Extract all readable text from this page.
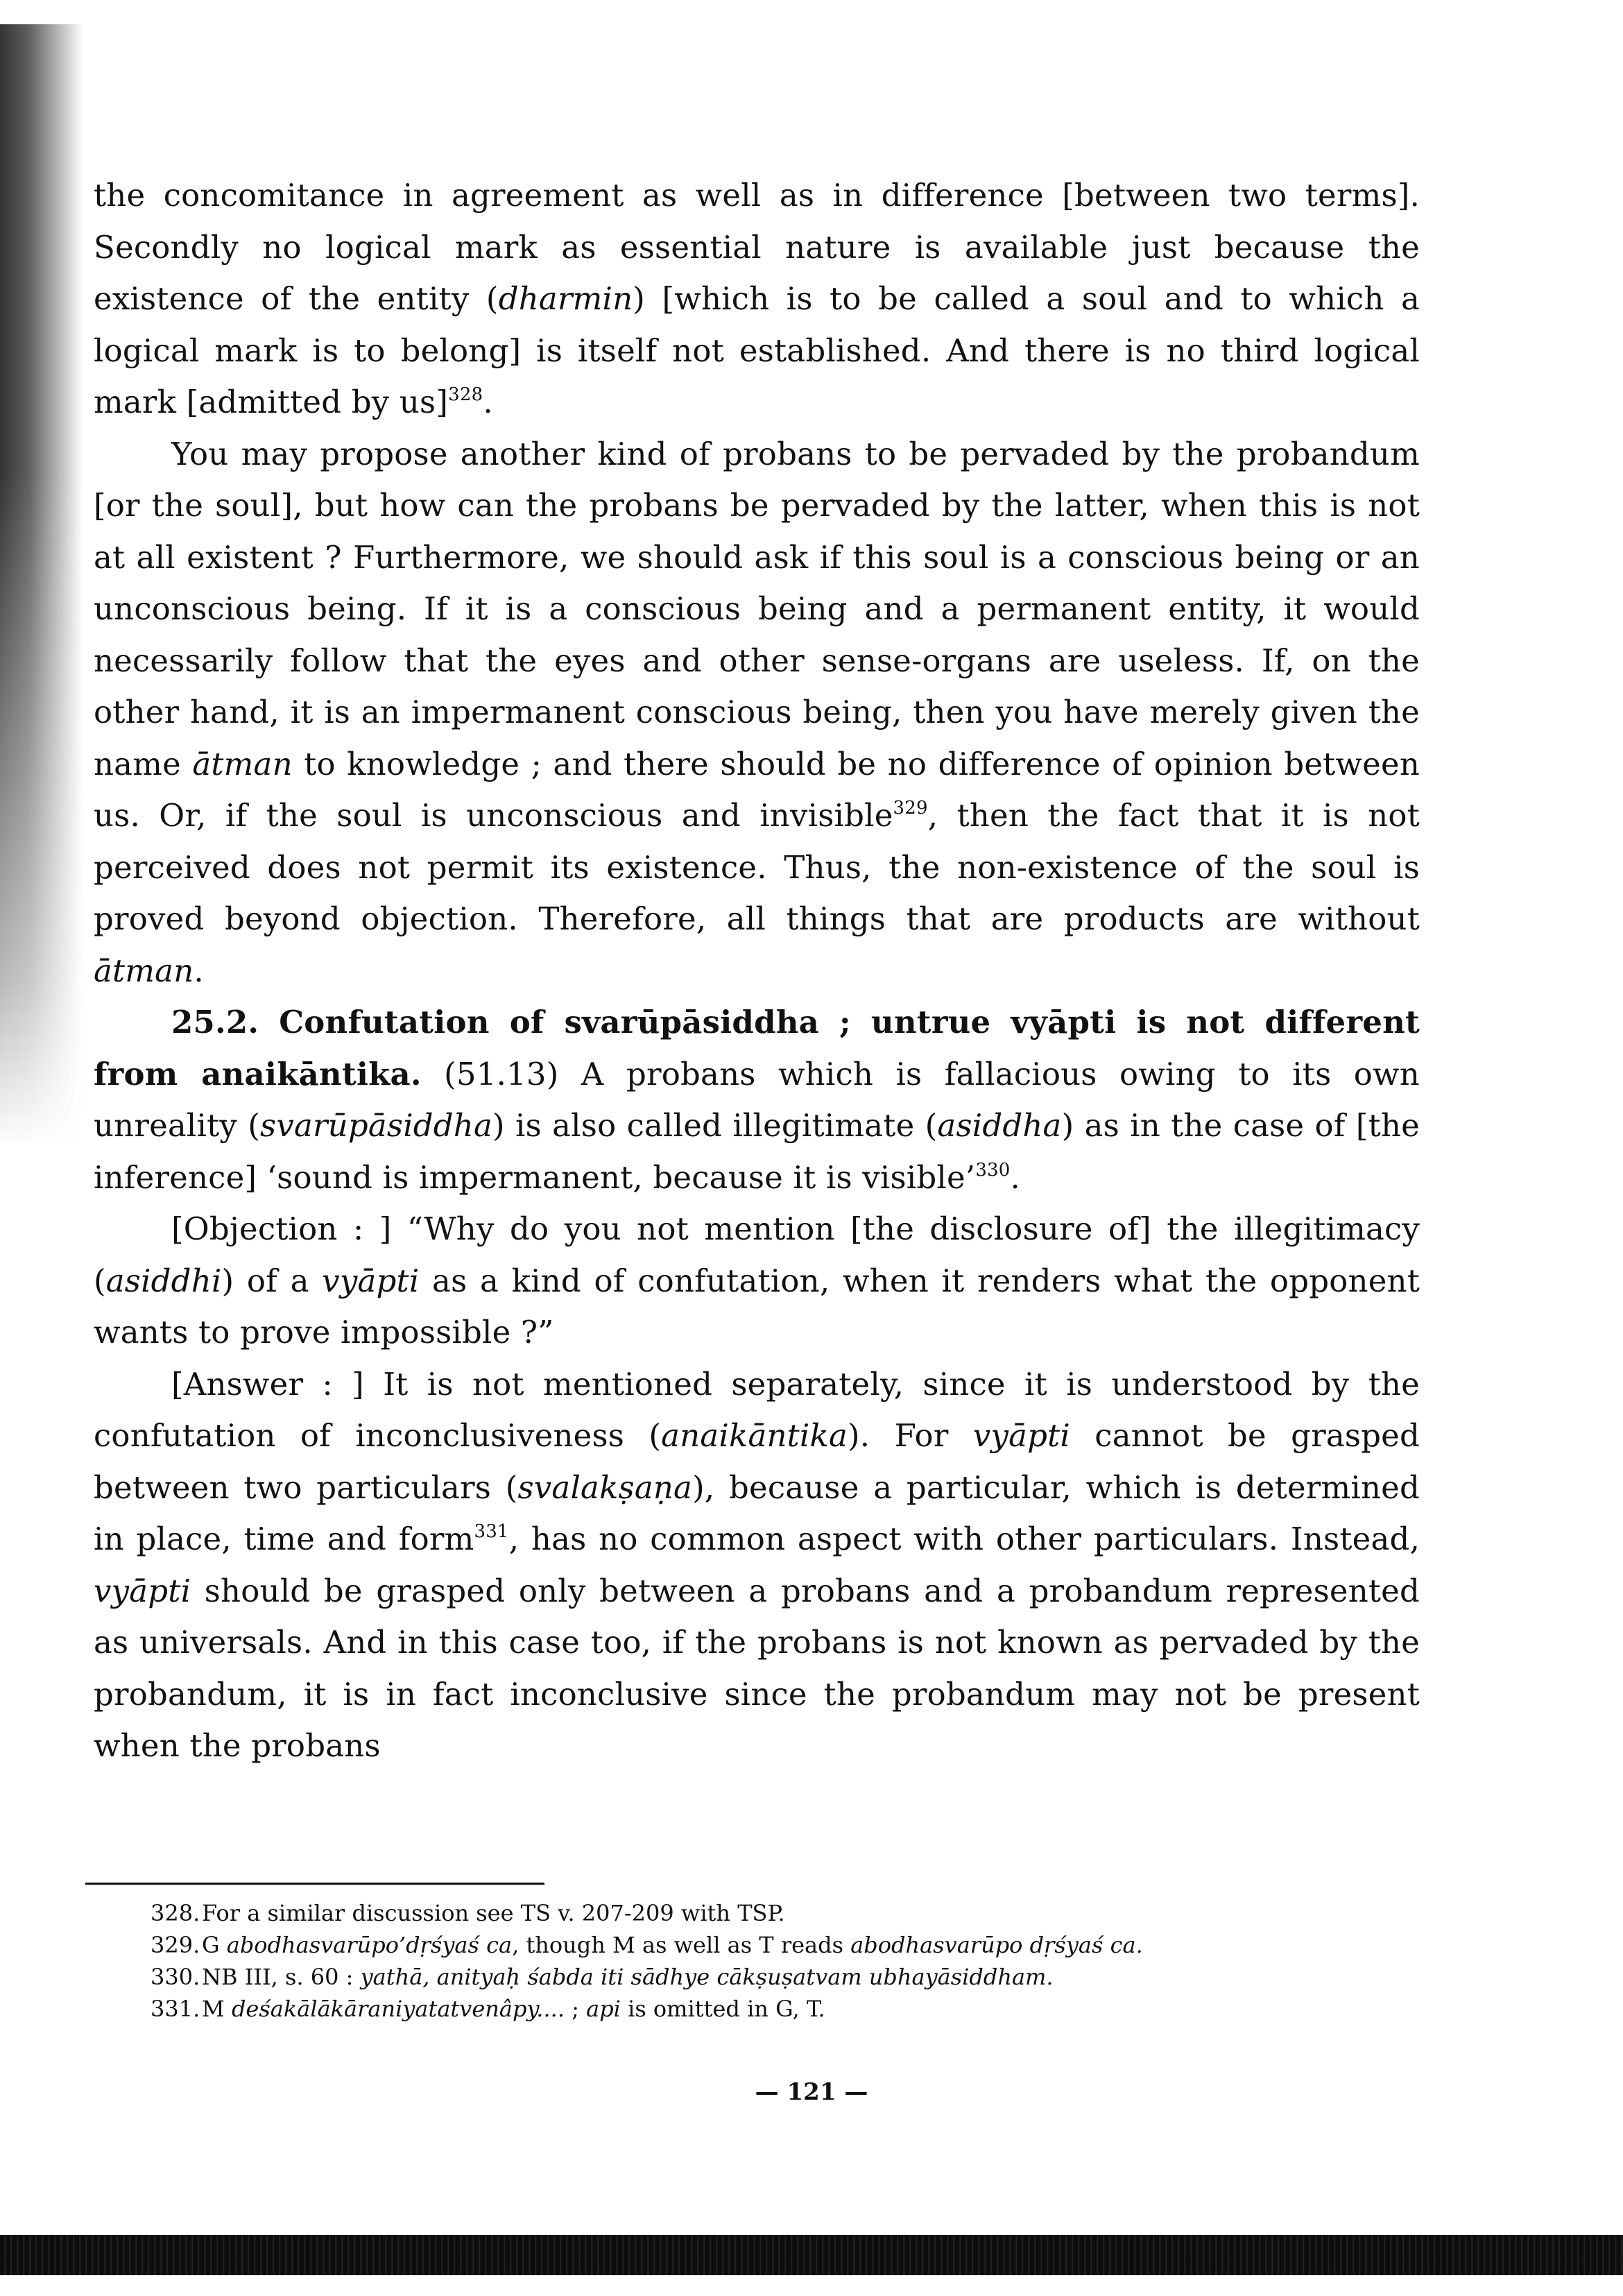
the concomitance in agreement as well as in difference [between two terms]. Secondly no logical mark as essential nature is available just because the existence of the entity (dharmin) [which is to be called a soul and to which a logical mark is to belong] is itself not established. And there is no third logical mark [admitted by us]$^{328}$.

You may propose another kind of probans to be pervaded by the probandum [or the soul], but how can the probans be pervaded by the latter, when this is not at all existent ? Furthermore, we should ask if this soul is a conscious being or an unconscious being. If it is a conscious being and a permanent entity, it would necessarily follow that the eyes and other sense-organs are useless. If, on the other hand, it is an impermanent conscious being, then you have merely given the name ātman to knowledge ; and there should be no difference of opinion between us. Or, if the soul is unconscious and invisible$^{329}$, then the fact that it is not perceived does not permit its existence. Thus, the non-existence of the soul is proved beyond objection. Therefore, all things that are products are without ātman.

25.2. Confutation of svarūpāsiddha ; untrue vyāpti is not different from anaikāntika. (51.13) A probans which is fallacious owing to its own unreality (svarūpāsiddha) is also called illegitimate (asiddha) as in the case of [the inference] ‘sound is impermanent, because it is visible’$^{330}$.

[Objection : ] “Why do you not mention [the disclosure of] the illegitimacy (asiddhi) of a vyāpti as a kind of confutation, when it renders what the opponent wants to prove impossible ?”

[Answer : ] It is not mentioned separately, since it is understood by the confutation of inconclusiveness (anaikāntika). For vyāpti cannot be grasped between two particulars (svalakṣaṇa), because a particular, which is determined in place, time and form$^{331}$, has no common aspect with other particulars. Instead, vyāpti should be grasped only between a probans and a probandum represented as universals. And in this case too, if the probans is not known as pervaded by the probandum, it is in fact inconclusive since the probandum may not be present when the probans

328.For a similar discussion see TS v. 207-209 with TSP.
329.G abodhasvarūpo’dṛśyaś ca, though M as well as T reads abodhasvarūpo dṛśyaś ca.
330.NB III, s. 60 : yathā, anityaḥ śabda iti sādhye cākṣuṣatvam ubhayāsiddham.
331.M deśakālākāraniyatatvenâpy.... ; api is omitted in G, T.
— 121 —
